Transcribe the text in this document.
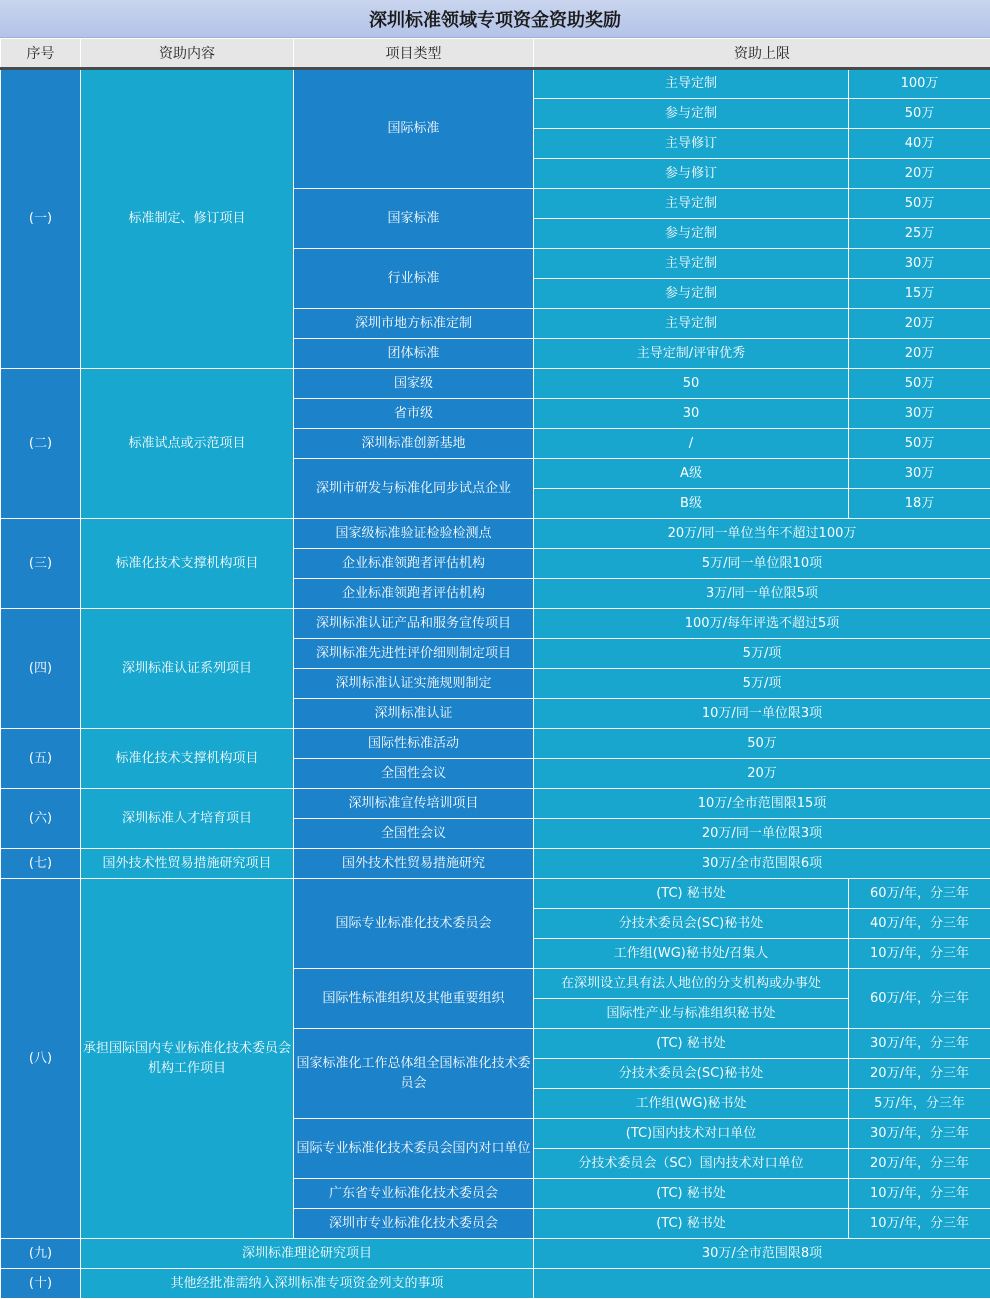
深圳标准领域专项资金资助奖励
序号	资助内容	项目类型	资助上限	
(一)	标准制定、修订项目	国际标准	主导定制	100万
			参与定制	50万
			主导修订	40万
			参与修订	20万
		国家标准	主导定制	50万
			参与定制	25万
		行业标准	主导定制	30万
			参与定制	15万
		深圳市地方标准定制	主导定制	20万
		团体标准	主导定制/评审优秀	20万
(二)	标准试点或示范项目	国家级	50	50万
		省市级	30	30万
		深圳标准创新基地	/	50万
		深圳市研发与标准化同步试点企业	A级	30万
			B级	18万
(三)	标准化技术支撑机构项目	国家级标准验证检验检测点	20万/同一单位当年不超过100万	
		企业标准领跑者评估机构	5万/同一单位限10项	
		企业标准领跑者评估机构	3万/同一单位限5项	
(四)	深圳标准认证系列项目	深圳标准认证产品和服务宣传项目	100万/每年评选不超过5项	
		深圳标准先进性评价细则制定项目	5万/项	
		深圳标准认证实施规则制定	5万/项	
		深圳标准认证	10万/同一单位限3项	
(五)	标准化技术支撑机构项目	国际性标准活动	50万	
		全国性会议	20万	
(六)	深圳标准人才培育项目	深圳标准宣传培训项目	10万/全市范围限15项	
		全国性会议	20万/同一单位限3项	
(七)	国外技术性贸易措施研究项目	国外技术性贸易措施研究	30万/全市范围限6项	
(八)	承担国际国内专业标准化技术委员会机构工作项目	国际专业标准化技术委员会	(TC) 秘书处	60万/年，分三年
			分技术委员会(SC)秘书处	40万/年，分三年
			工作组(WG)秘书处/召集人	10万/年，分三年
		国际性标准组织及其他重要组织	在深圳设立具有法人地位的分支机构或办事处	60万/年，分三年
			国际性产业与标准组织秘书处	
		国家标准化工作总体组全国标准化技术委员会	(TC) 秘书处	30万/年，分三年
			分技术委员会(SC)秘书处	20万/年，分三年
			工作组(WG)秘书处	5万/年，分三年
		国际专业标准化技术委员会国内对口单位	(TC)国内技术对口单位	30万/年，分三年
			分技术委员会（SC）国内技术对口单位	20万/年，分三年
		广东省专业标准化技术委员会	(TC) 秘书处	10万/年，分三年
		深圳市专业标准化技术委员会	(TC) 秘书处	10万/年，分三年
(九)	深圳标准理论研究项目		30万/全市范围限8项	
(十)	其他经批准需纳入深圳标准专项资金列支的事项			
